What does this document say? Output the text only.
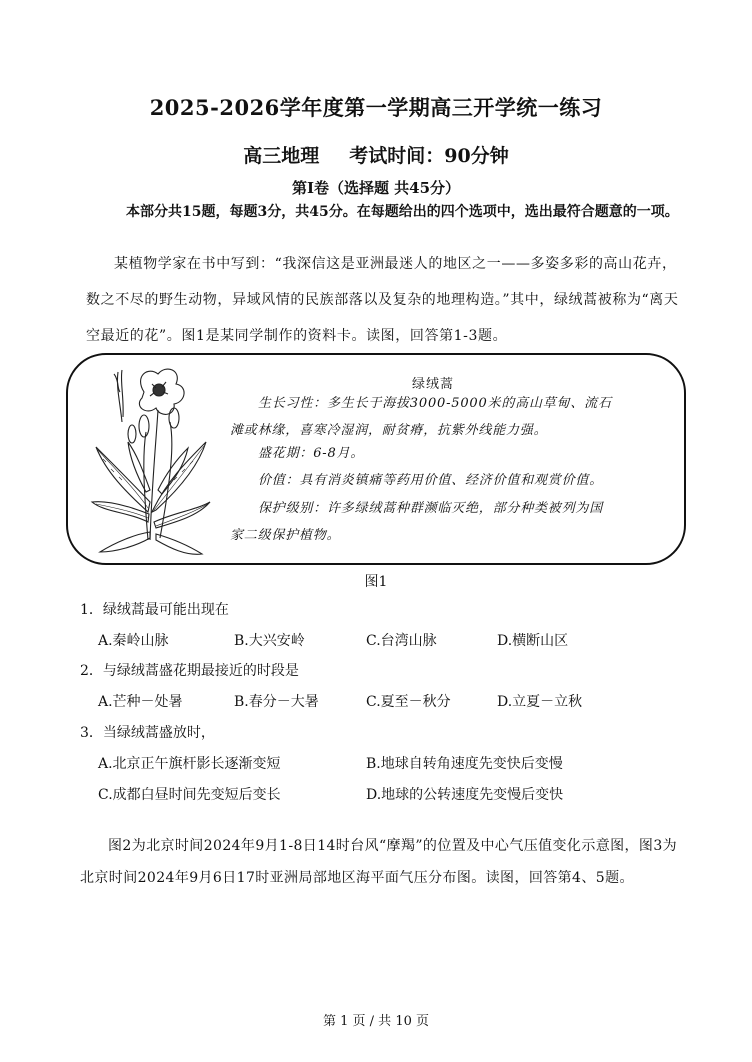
2025-2026学年度第一学期高三开学统一练习
高三地理 考试时间：90分钟
第Ⅰ卷（选择题 共45分）
本部分共15题，每题3分，共45分。在每题给出的四个选项中，选出最符合题意的一项。
某植物学家在书中写到：“我深信这是亚洲最迷人的地区之一——多姿多彩的高山花卉，数之不尽的野生动物，异域风情的民族部落以及复杂的地理构造。”其中，绿绒蒿被称为“离天空最近的花”。图1是某同学制作的资料卡。读图，回答第1-3题。
绿绒蒿
生长习性：多生长于海拔3000-5000米的高山草甸、流石
滩或林缘，喜寒冷湿润，耐贫瘠，抗紫外线能力强。
盛花期：6-8月。
价值：具有消炎镇痛等药用价值、经济价值和观赏价值。
保护级别：许多绿绒蒿种群濒临灭绝，部分种类被列为国
家二级保护植物。
图1
1．绿绒蒿最可能出现在
A.秦岭山脉	B.大兴安岭	C.台湾山脉	D.横断山区
2．与绿绒蒿盛花期最接近的时段是
A.芒种－处暑	B.春分－大暑	C.夏至－秋分	D.立夏－立秋
3．当绿绒蒿盛放时，
A.北京正午旗杆影长逐渐变短	B.地球自转角速度先变快后变慢
C.成都白昼时间先变短后变长	D.地球的公转速度先变慢后变快
图2为北京时间2024年9月1-8日14时台风“摩羯”的位置及中心气压值变化示意图，图3为北京时间2024年9月6日17时亚洲局部地区海平面气压分布图。读图，回答第4、5题。
第 1 页 / 共 10 页
